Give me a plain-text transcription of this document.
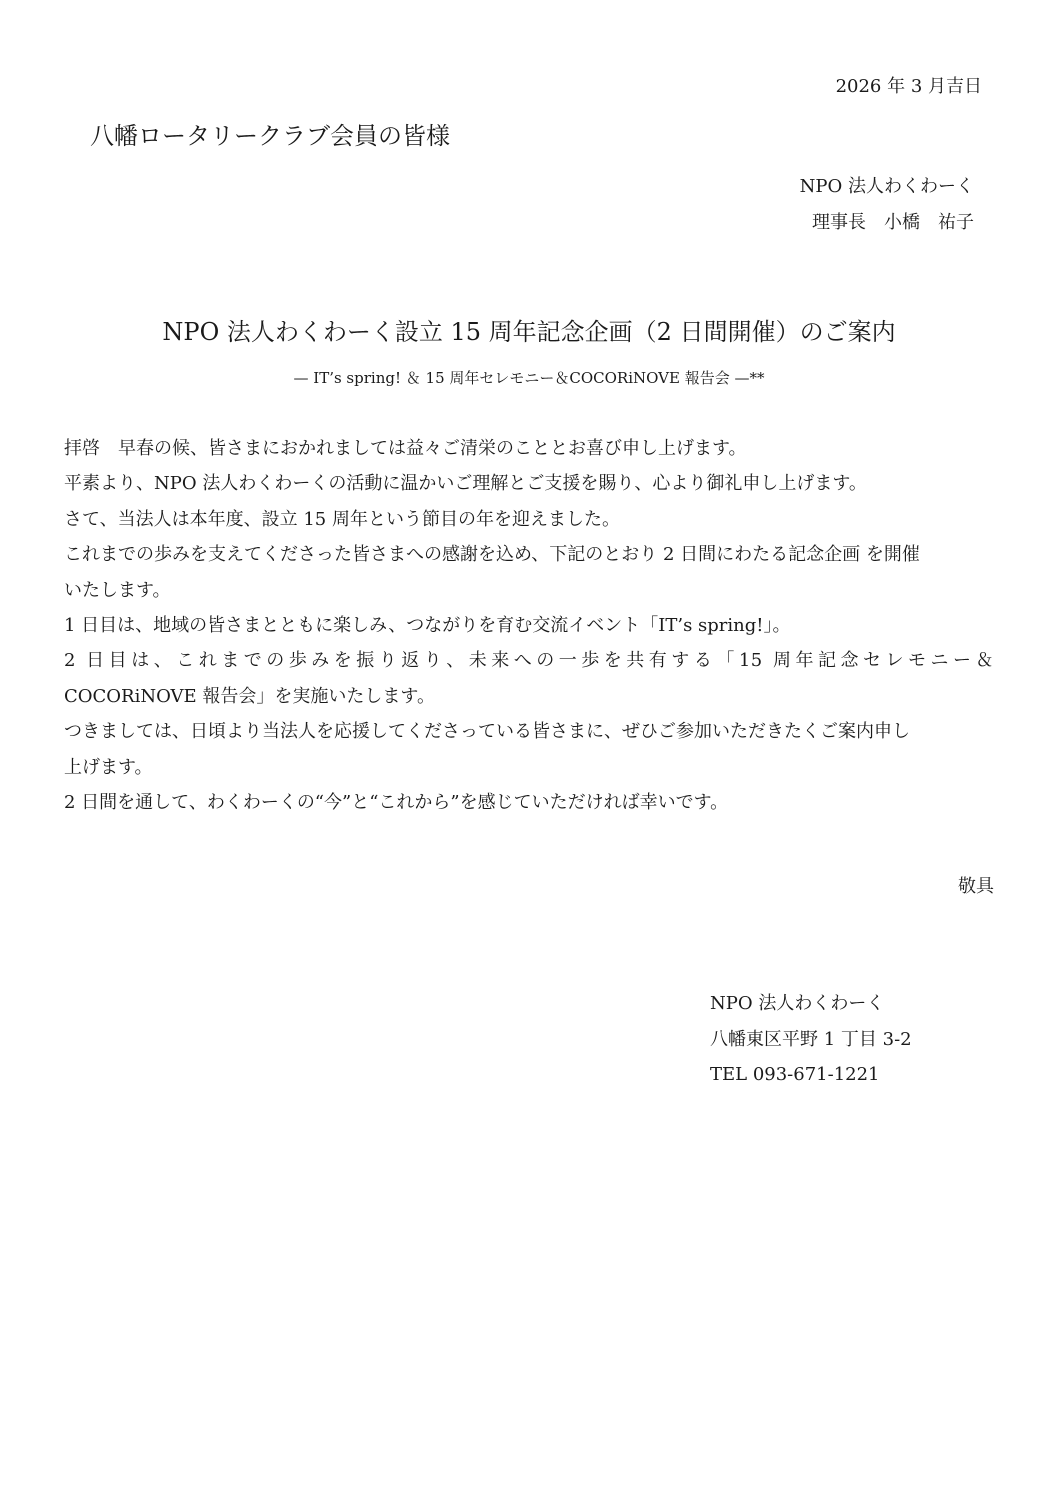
2026 年 3 月吉日
八幡ロータリークラブ会員の皆様
NPO 法人わくわーく
理事長　小橋　祐子
NPO 法人わくわーく設立 15 周年記念企画（2 日間開催）のご案内
— IT’s spring! ＆ 15 周年セレモニー＆COCORiNOVE 報告会 —**
拝啓　早春の候、皆さまにおかれましては益々ご清栄のこととお喜び申し上げます。
平素より、NPO 法人わくわーくの活動に温かいご理解とご支援を賜り、心より御礼申し上げます。
さて、当法人は本年度、設立 15 周年という節目の年を迎えました。
これまでの歩みを支えてくださった皆さまへの感謝を込め、下記のとおり 2 日間にわたる記念企画 を開催
いたします。
1 日目は、地域の皆さまとともに楽しみ、つながりを育む交流イベント「IT’s spring!」。
2 日目は、これまでの歩みを振り返り、未来への一歩を共有する「15 周年記念セレモニー＆
COCORiNOVE 報告会」を実施いたします。
つきましては、日頃より当法人を応援してくださっている皆さまに、ぜひご参加いただきたくご案内申し
上げます。
2 日間を通して、わくわーくの“今”と“これから”を感じていただければ幸いです。
敬具
NPO 法人わくわーく
八幡東区平野 1 丁目 3-2
TEL 093-671-1221
